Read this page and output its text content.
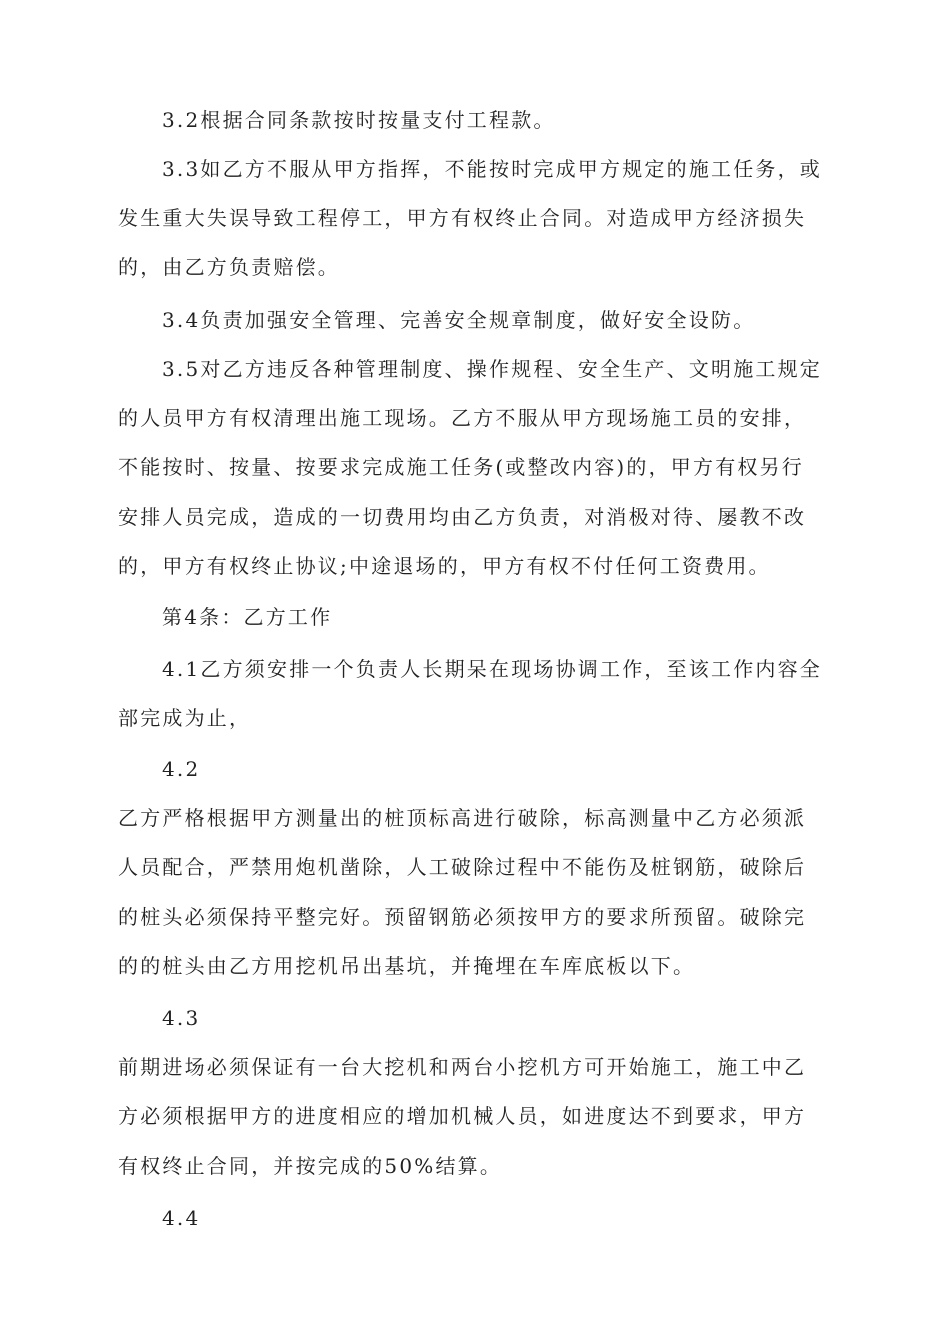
3.2根据合同条款按时按量支付工程款。
3.3如乙方不服从甲方指挥，不能按时完成甲方规定的施工任务，或
发生重大失误导致工程停工，甲方有权终止合同。对造成甲方经济损失
的，由乙方负责赔偿。
3.4负责加强安全管理、完善安全规章制度，做好安全设防。
3.5对乙方违反各种管理制度、操作规程、安全生产、文明施工规定
的人员甲方有权清理出施工现场。乙方不服从甲方现场施工员的安排，
不能按时、按量、按要求完成施工任务(或整改内容)的，甲方有权另行
安排人员完成，造成的一切费用均由乙方负责，对消极对待、屡教不改
的，甲方有权终止协议;中途退场的，甲方有权不付任何工资费用。
第4条：乙方工作
4.1乙方须安排一个负责人长期呆在现场协调工作，至该工作内容全
部完成为止，
4.2
乙方严格根据甲方测量出的桩顶标高进行破除，标高测量中乙方必须派
人员配合，严禁用炮机凿除，人工破除过程中不能伤及桩钢筋，破除后
的桩头必须保持平整完好。预留钢筋必须按甲方的要求所预留。破除完
的的桩头由乙方用挖机吊出基坑，并掩埋在车库底板以下。
4.3
前期进场必须保证有一台大挖机和两台小挖机方可开始施工，施工中乙
方必须根据甲方的进度相应的增加机械人员，如进度达不到要求，甲方
有权终止合同，并按完成的50%结算。
4.4
